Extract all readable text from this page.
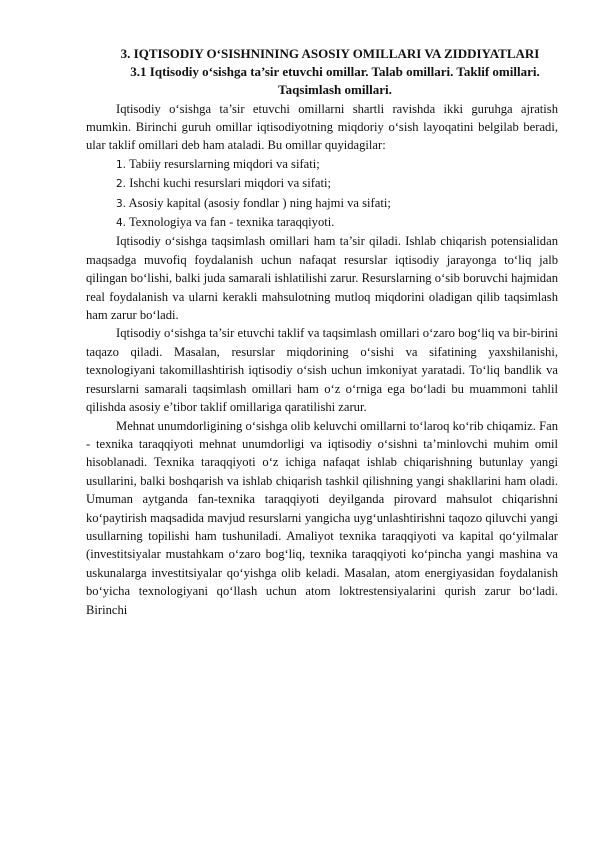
3. IQTISODIY O‘SISHNINING ASOSIY OMILLARI VA ZIDDIYATLARI
3.1 Iqtisodiy o‘sishga ta’sir etuvchi omillar. Talab omillari. Taklif omillari. Taqsimlash omillari.

Iqtisodiy o‘sishga ta’sir etuvchi omillarni shartli ravishda ikki guruhga ajratish mumkin. Birinchi guruh omillar iqtisodiyotning miqdoriy o‘sish layoqatini belgilab beradi, ular taklif omillari deb ham ataladi. Bu omillar quyidagilar:

1. Tabiiy resurslarning miqdori va sifati;
2. Ishchi kuchi resurslari miqdori va sifati;
3. Asosiy kapital (asosiy fondlar ) ning hajmi va sifati;
4. Texnologiya va fan - texnika taraqqiyoti.

Iqtisodiy o‘sishga taqsimlash omillari ham ta’sir qiladi. Ishlab chiqarish potensialidan maqsadga muvofiq foydalanish uchun nafaqat resurslar iqtisodiy jarayonga to‘liq jalb qilingan bo‘lishi, balki juda samarali ishlatilishi zarur. Resurslarning o‘sib boruvchi hajmidan real foydalanish va ularni kerakli mahsulotning mutloq miqdorini oladigan qilib taqsimlash ham zarur bo‘ladi.

Iqtisodiy o‘sishga ta’sir etuvchi taklif va taqsimlash omillari o‘zaro bog‘liq va bir-birini taqazo qiladi. Masalan, resurslar miqdorining o‘sishi va sifatining yaxshilanishi, texnologiyani takomillashtirish iqtisodiy o‘sish uchun imkoniyat yaratadi. To‘liq bandlik va resurslarni samarali taqsimlash omillari ham o‘z o‘rniga ega bo‘ladi bu muammoni tahlil qilishda asosiy e’tibor taklif omillariga qaratilishi zarur.

Mehnat unumdorligining o‘sishga olib keluvchi omillarni to‘laroq ko‘rib chiqamiz. Fan - texnika taraqqiyoti mehnat unumdorligi va iqtisodiy o‘sishni ta’minlovchi muhim omil hisoblanadi. Texnika taraqqiyoti o‘z ichiga nafaqat ishlab chiqarishning butunlay yangi usullarini, balki boshqarish va ishlab chiqarish tashkil qilishning yangi shakllarini ham oladi. Umuman aytganda fan-texnika taraqqiyoti deyilganda pirovard mahsulot chiqarishni ko‘paytirish maqsadida mavjud resurslarni yangicha uyg‘unlashtirishni taqozo qiluvchi yangi usullarning topilishi ham tushuniladi. Amaliyot texnika taraqqiyoti va kapital qo‘yilmalar (investitsiyalar mustahkam o‘zaro bog‘liq, texnika taraqqiyoti ko‘pincha yangi mashina va uskunalarga investitsiyalar qo‘yishga olib keladi. Masalan, atom energiyasidan foydalanish bo‘yicha texnologiyani qo‘llash uchun atom loktrestensiyalarini qurish zarur bo‘ladi. Birinchi
